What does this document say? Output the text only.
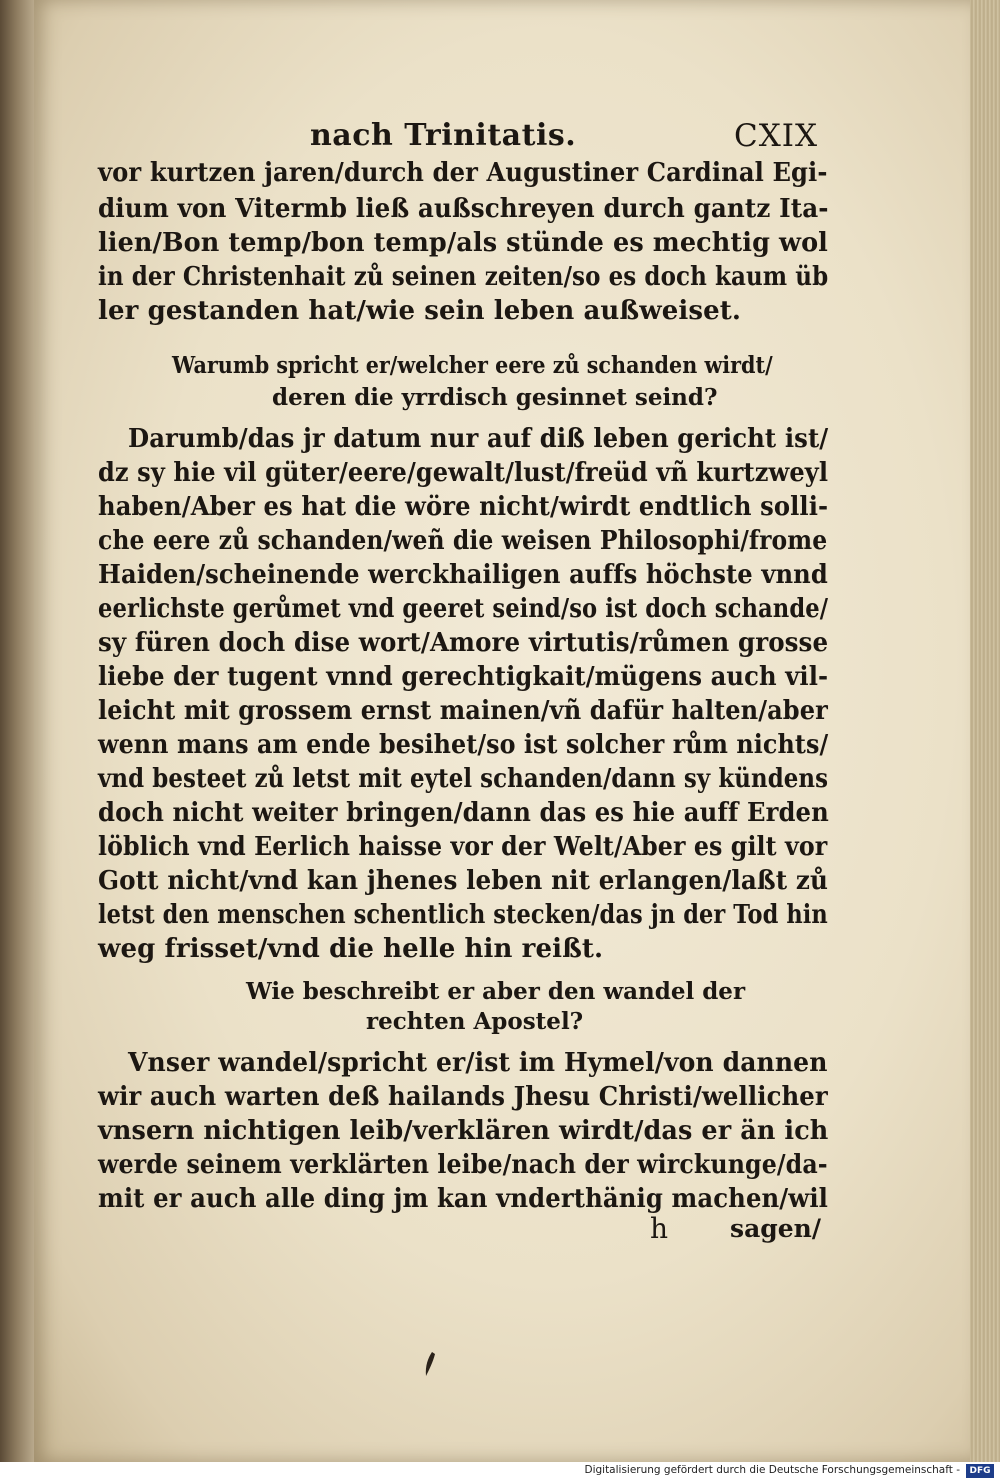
nach Trinitatis.	CXIX
vor kurtzen jaren/durch der Augustiner Cardinal Egi-
dium von Vitermb ließ außschreyen durch gantz Ita-
lien/Bon temp/bon temp/als stünde es mechtig wol
in der Christenhait zů seinen zeiten/so es doch kaum üb
ler gestanden hat/wie sein leben außweiset.
Warumb spricht er/welcher eere zů schanden wirdt/
deren die yrrdisch gesinnet seind?
Darumb/das jr datum nur auf diß leben gericht ist/
dz sy hie vil güter/eere/gewalt/lust/freüd vñ kurtzweyl
haben/Aber es hat die wöre nicht/wirdt endtlich solli-
che eere zů schanden/weñ die weisen Philosophi/frome
Haiden/scheinende werckhailigen auffs höchste vnnd
eerlichste gerůmet vnd geeret seind/so ist doch schande/
sy füren doch dise wort/Amore virtutis/růmen grosse
liebe der tugent vnnd gerechtigkait/mügens auch vil-
leicht mit grossem ernst mainen/vñ dafür halten/aber
wenn mans am ende besihet/so ist solcher rům nichts/
vnd besteet zů letst mit eytel schanden/dann sy kündens
doch nicht weiter bringen/dann das es hie auff Erden
löblich vnd Eerlich haisse vor der Welt/Aber es gilt vor
Gott nicht/vnd kan jhenes leben nit erlangen/laßt zů
letst den menschen schentlich stecken/das jn der Tod hin
weg frisset/vnd die helle hin reißt.
Wie beschreibt er aber den wandel der
rechten Apostel?
Vnser wandel/spricht er/ist im Hymel/von dannen
wir auch warten deß hailands Jhesu Christi/wellicher
vnsern nichtigen leib/verklären wirdt/das er än ich
werde seinem verklärten leibe/nach der wirckunge/da-
mit er auch alle ding jm kan vnderthänig machen/wil
h sagen/
Digitalisierung gefördert durch die Deutsche Forschungsgemeinschaft -	DFG
